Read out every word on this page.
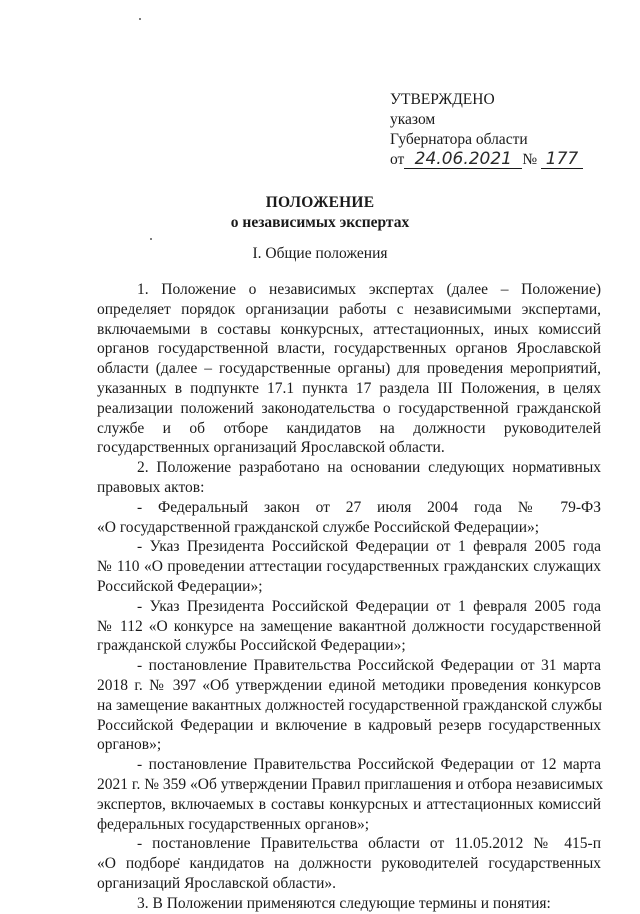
УТВЕРЖДЕНО
указом
Губернатора области
от 24.06.2021 № 177
ПОЛОЖЕНИЕ
о независимых экспертах
I. Общие положения
1. Положение о независимых экспертах (далее – Положение)
определяет порядок организации работы с независимыми экспертами,
включаемыми в составы конкурсных, аттестационных, иных комиссий
органов государственной власти, государственных органов Ярославской
области (далее – государственные органы) для проведения мероприятий,
указанных в подпункте 17.1 пункта 17 раздела III Положения, в целях
реализации положений законодательства о государственной гражданской
службе и об отборе кандидатов на должности руководителей
государственных организаций Ярославской области.
2. Положение разработано на основании следующих нормативных
правовых актов:
- Федеральный закон от 27 июля 2004 года № 79-ФЗ
«О государственной гражданской службе Российской Федерации»;
- Указ Президента Российской Федерации от 1 февраля 2005 года
№ 110 «О проведении аттестации государственных гражданских служащих
Российской Федерации»;
- Указ Президента Российской Федерации от 1 февраля 2005 года
№ 112 «О конкурсе на замещение вакантной должности государственной
гражданской службы Российской Федерации»;
- постановление Правительства Российской Федерации от 31 марта
2018 г. № 397 «Об утверждении единой методики проведения конкурсов
на замещение вакантных должностей государственной гражданской службы
Российской Федерации и включение в кадровый резерв государственных
органов»;
- постановление Правительства Российской Федерации от 12 марта
2021 г. № 359 «Об утверждении Правил приглашения и отбора независимых
экспертов, включаемых в составы конкурсных и аттестационных комиссий
федеральных государственных органов»;
- постановление Правительства области от 11.05.2012 № 415-п
«О подборе кандидатов на должности руководителей государственных
организаций Ярославской области».
3. В Положении применяются следующие термины и понятия:
